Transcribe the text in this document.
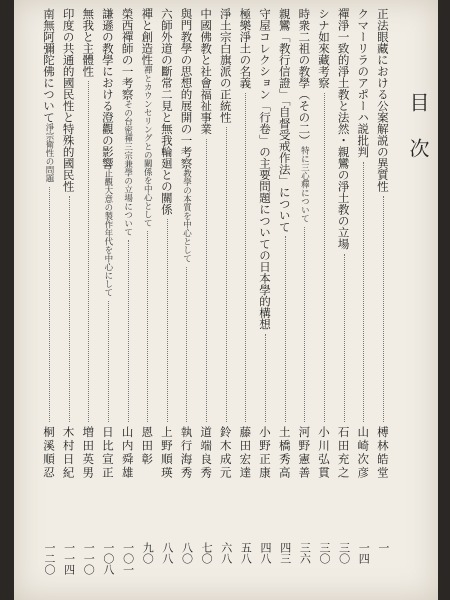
目次
正法眼藏における公案解説の異質性
榑林皓堂
一
クマーリラのアポーハ説批判
山崎次彦
一四
禪淨一致的淨土教と法然・親鸞の淨土教の立場
石田充之
三〇
シナ如來藏考察
小川弘貫
三〇
時衆二祖の教學（その二）特に三心釋について
河野憲善
三六
親鸞「教行信證」「自督受戒作法」について
土橋秀高
四三
守屋コレクション「行卷」の主要問題についての日本學的構想
小野正康
四八
極樂淨土の名義
藤田宏達
五八
淨土宗白旗派の正統性
鈴木成元
六八
中國佛教と社會福祉事業
道端良秀
七〇
與門教學の思想的展開の一考察教學の本質を中心として
執行海秀
八〇
六師外道の斷常二見と無我輪廻との關係
上野順瑛
八八
禪と創造性禪とカウンセリングとの關係を中心として
恩田彰
九〇
榮西禪師の一考察その台密禪三宗兼學の立場について
山内舜雄
一〇一
謙遜の教學における澄觀の影響止觀大意の製作年代を中心にして
日比宣正
一〇八
無我と主體性
増田英男
一一〇
印度の共通的國民性と特殊的國民性
木村日紀
一一四
南無阿彌陀佛について淨宗衛性の問題
桐溪順忍
一二〇
